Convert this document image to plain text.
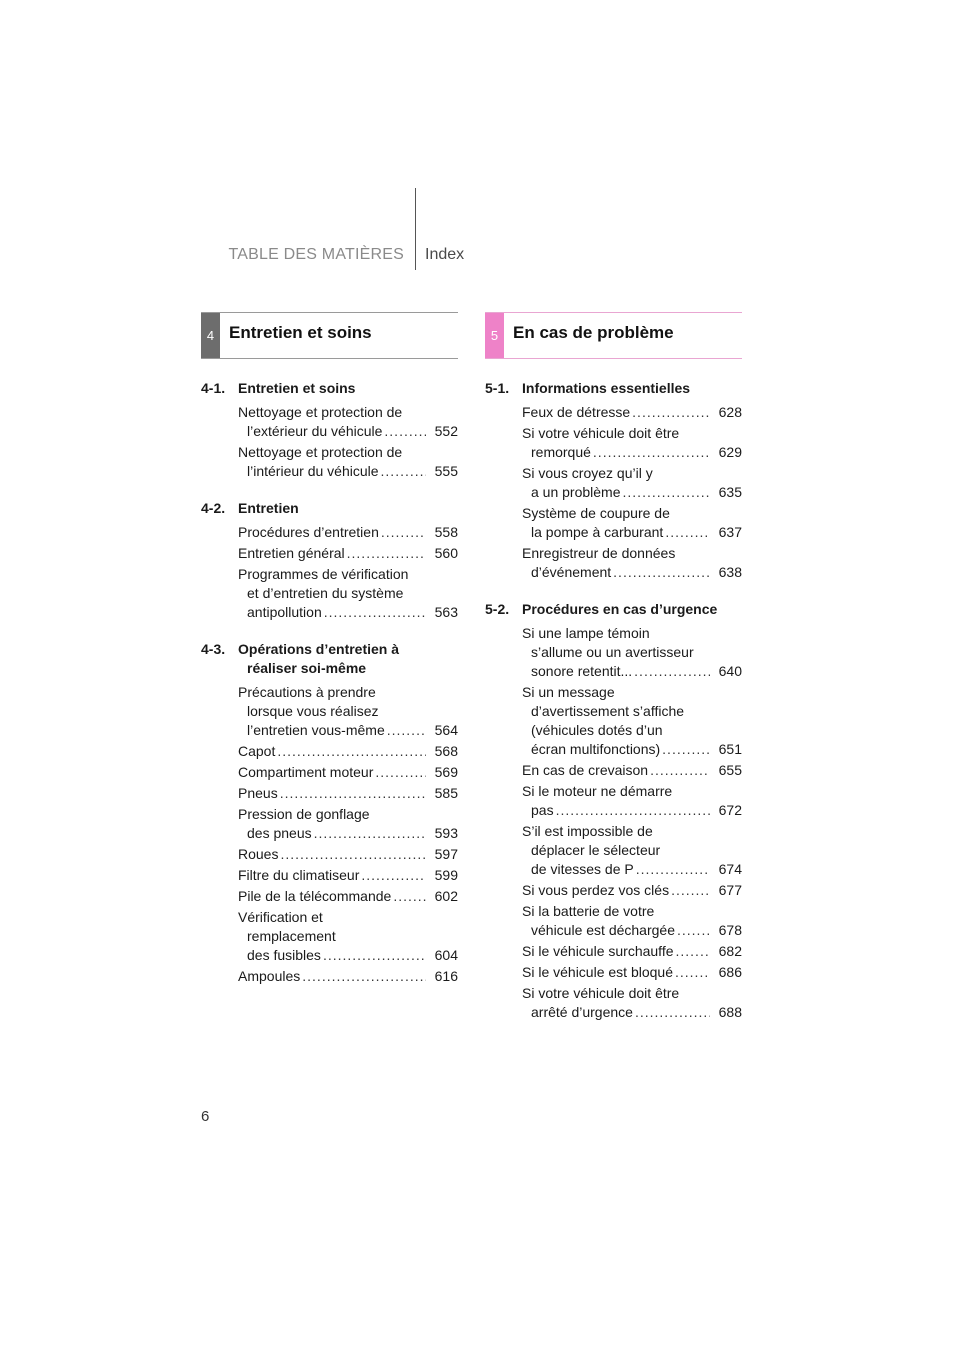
TABLE DES MATIÈRES Index
4 Entretien et soins
4-1. Entretien et soins
Nettoyage et protection de
l’extérieur du véhicule .....	552
Nettoyage et protection de
l’intérieur du véhicule .....	555
4-2. Entretien
Procédures d’entretien .....	558
Entretien général .....	560
Programmes de vérification
et d’entretien du système
antipollution .....	563
4-3. Opérations d’entretien à
réaliser soi-même
Précautions à prendre
lorsque vous réalisez
l’entretien vous-même .....	564
Capot .....	568
Compartiment moteur .....	569
Pneus .....	585
Pression de gonflage
des pneus .....	593
Roues .....	597
Filtre du climatiseur .....	599
Pile de la télécommande .....	602
Vérification et
remplacement
des fusibles .....	604
Ampoules .....	616
5 En cas de problème
5-1. Informations essentielles
Feux de détresse .....	628
Si votre véhicule doit être
remorqué .....	629
Si vous croyez qu’il y
a un problème .....	635
Système de coupure de
la pompe à carburant .....	637
Enregistreur de données
d’événement .....	638
5-2. Procédures en cas d’urgence
Si une lampe témoin
s’allume ou un avertisseur
sonore retentit... .....	640
Si un message
d’avertissement s’affiche
(véhicules dotés d’un
écran multifonctions) .....	651
En cas de crevaison .....	655
Si le moteur ne démarre
pas .....	672
S’il est impossible de
déplacer le sélecteur
de vitesses de P .....	674
Si vous perdez vos clés .....	677
Si la batterie de votre
véhicule est déchargée .....	678
Si le véhicule surchauffe .....	682
Si le véhicule est bloqué .....	686
Si votre véhicule doit être
arrêté d’urgence .....	688
6
